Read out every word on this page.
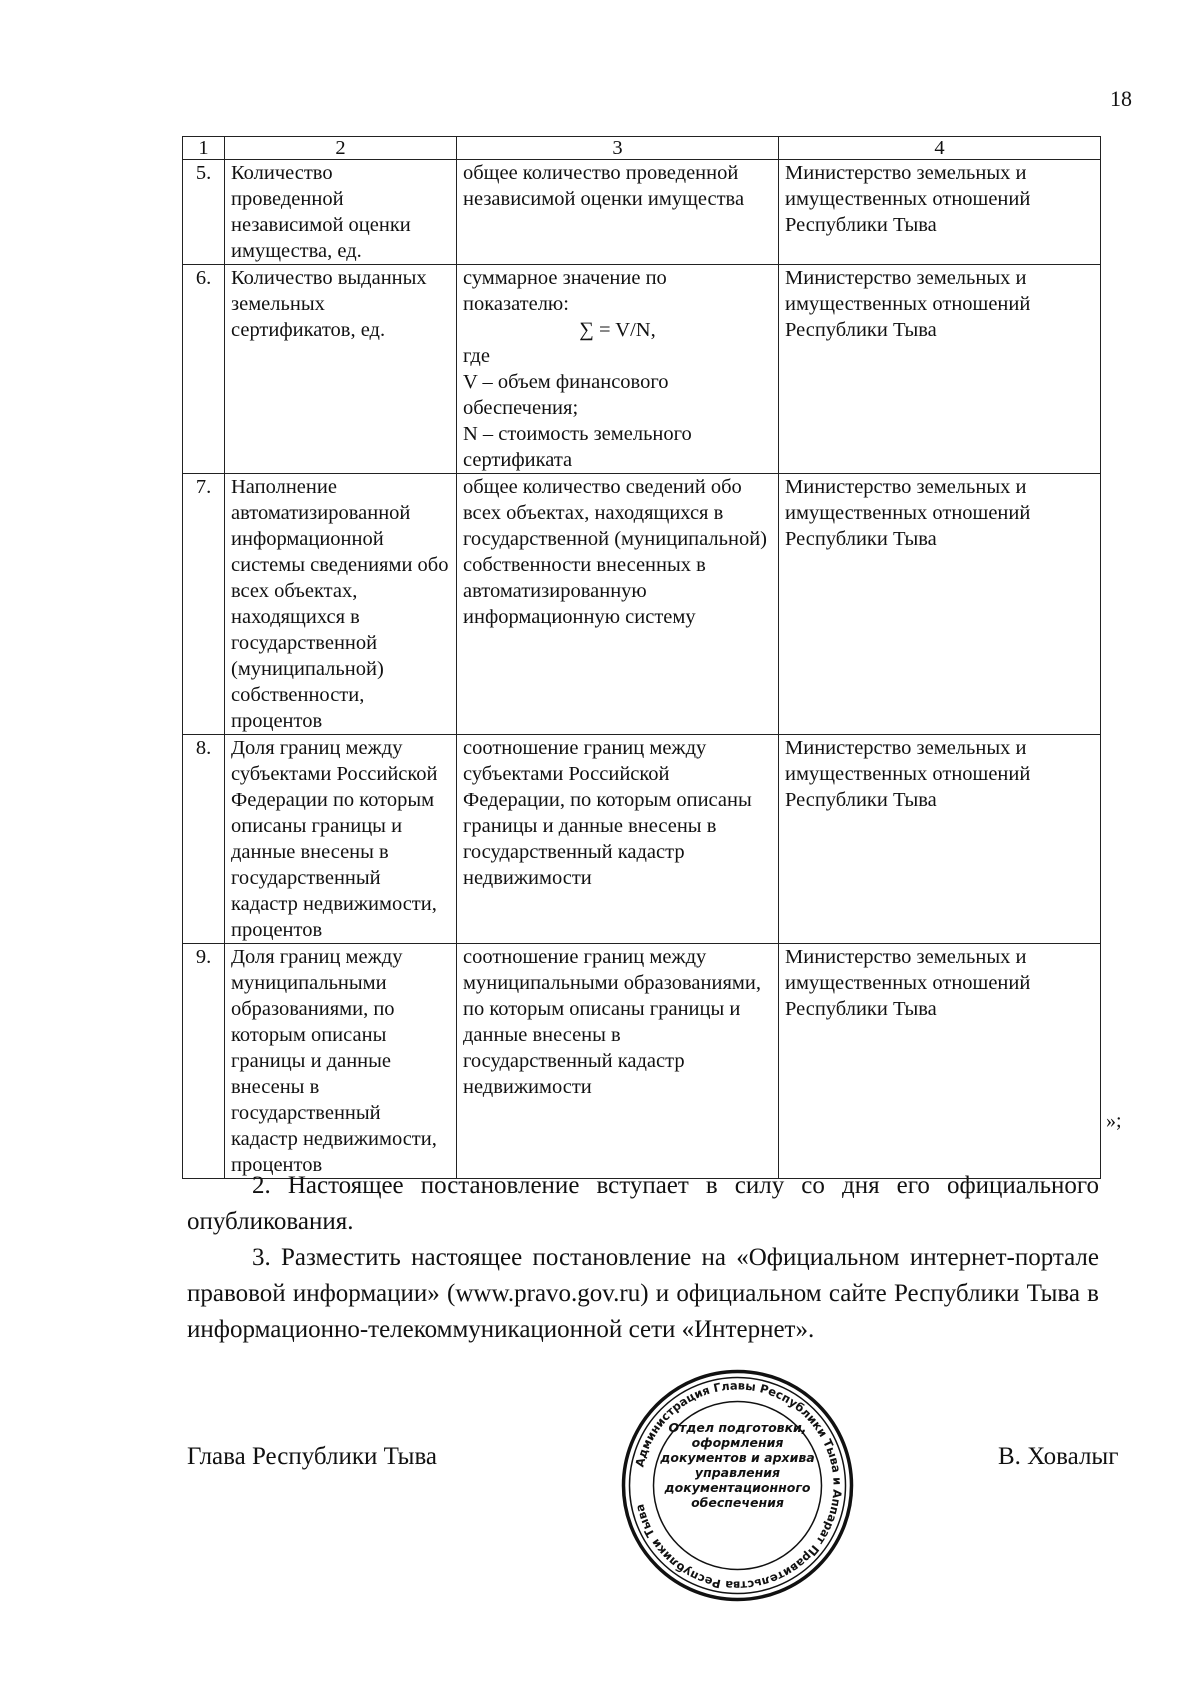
18
1	2	3	4
5.	Количество проведенной независимой оценки имущества, ед.	общее количество проведенной независимой оценки имущества	Министерство земельных и имущественных отношений Республики Тыва
6.	Количество выданных земельных сертификатов, ед.	суммарное значение по показателю:
∑ = V/N,
где
V – объем финансового обеспечения;
N – стоимость земельного сертификата	Министерство земельных и имущественных отношений Республики Тыва
7.	Наполнение автоматизированной информационной системы сведениями обо всех объектах, находящихся в государственной (муниципальной) собственности, процентов	общее количество сведений обо всех объектах, находящихся в государственной (муниципальной) собственности внесенных в автоматизированную информационную систему	Министерство земельных и имущественных отношений Республики Тыва
8.	Доля границ между субъектами Российской Федерации по которым описаны границы и данные внесены в государственный кадастр недвижимости, процентов	соотношение границ между субъектами Российской Федерации, по которым описаны границы и данные внесены в государственный кадастр недвижимости	Министерство земельных и имущественных отношений Республики Тыва
9.	Доля границ между муниципальными образованиями, по которым описаны границы и данные внесены в государственный кадастр недвижимости, процентов	соотношение границ между муниципальными образованиями, по которым описаны границы и данные внесены в государственный кадастр недвижимости	Министерство земельных и имущественных отношений Республики Тыва
»;

2. Настоящее постановление вступает в силу со дня его официального опубликования.

3. Разместить настоящее постановление на «Официальном интернет-портале правовой информации» (www.pravo.gov.ru) и официальном сайте Республики Тыва в информационно-телекоммуникационной сети «Интернет».

Глава Республики Тыва	Администрация Главы Республики Тыва и Аппарат Правительства Республики Тыва
Отдел подготовки, оформления документов и архива управления документационного обеспечения
В. Ховалыг
